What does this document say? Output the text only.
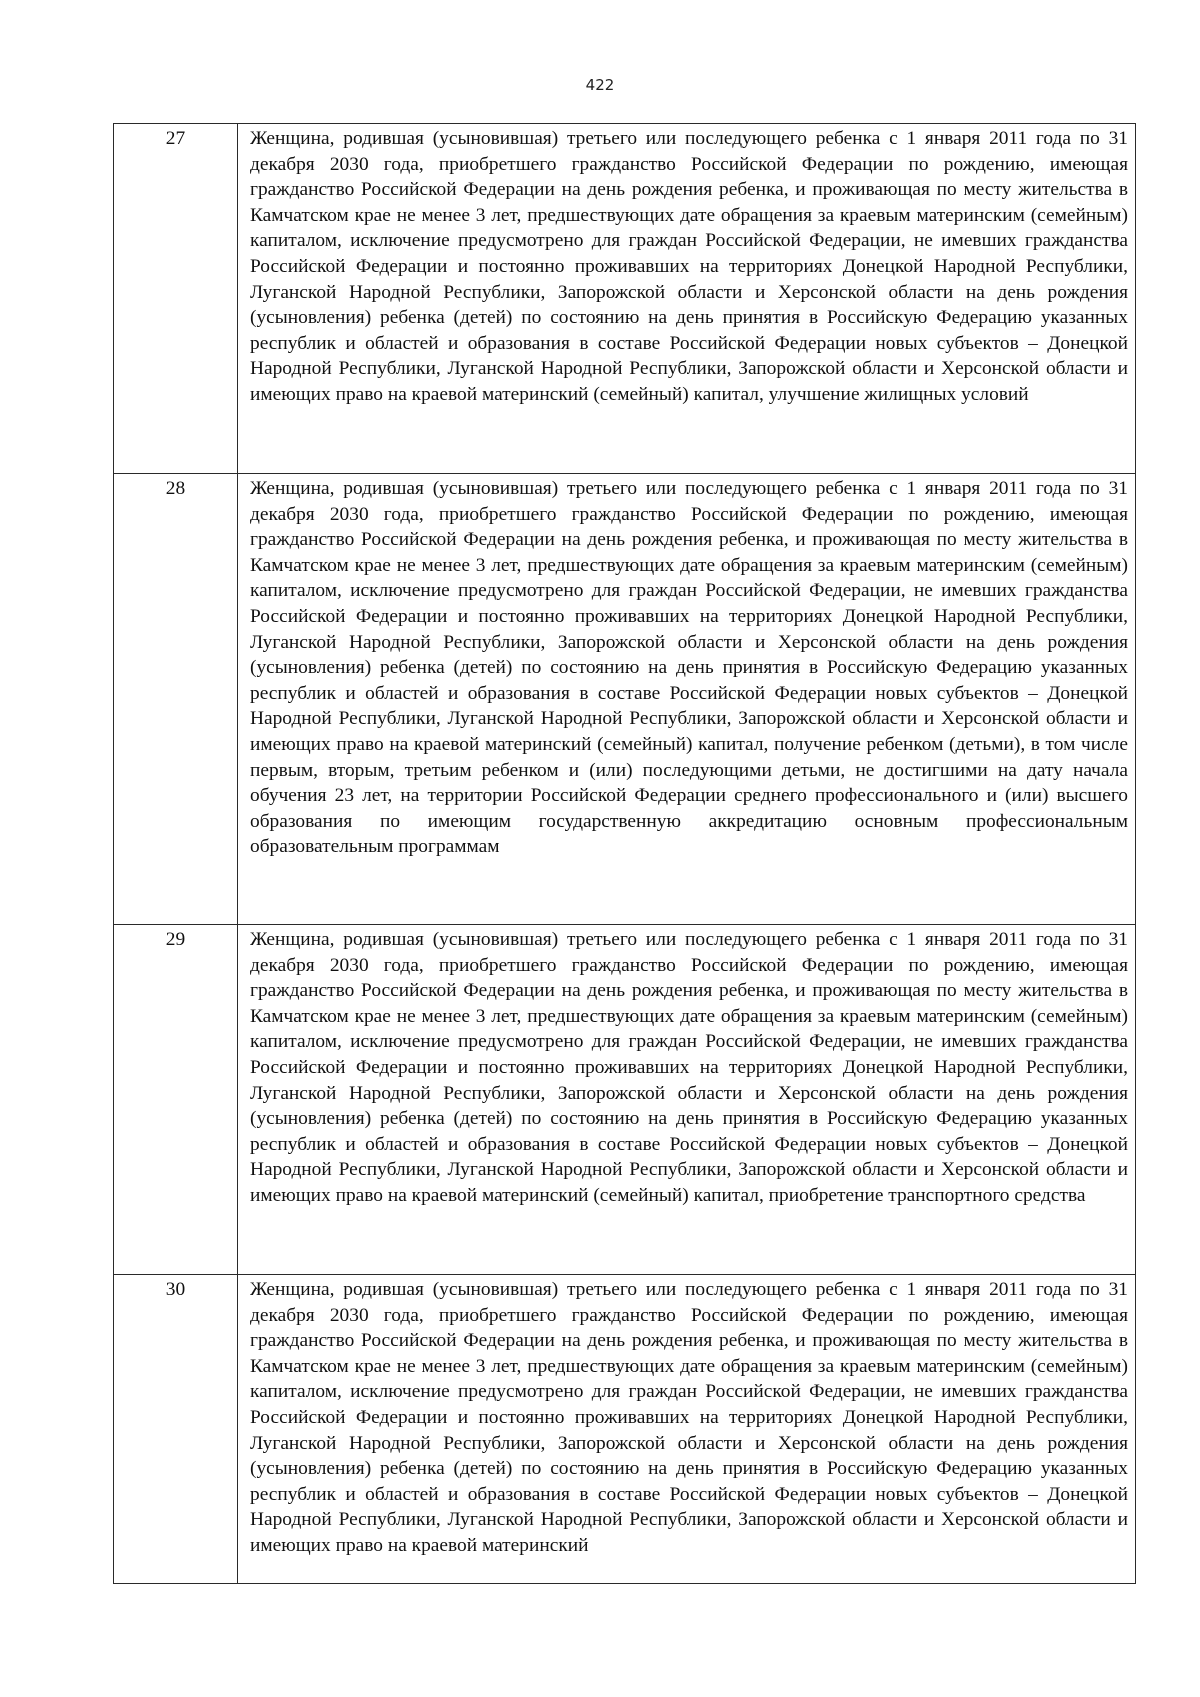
422
27	Женщина, родившая (усыновившая) третьего или последующего ребенка с 1 января 2011 года по 31 декабря 2030 года, приобретшего гражданство Российской Федерации по рождению, имеющая гражданство Российской Федерации на день рождения ребенка, и проживающая по месту жительства в Камчатском крае не менее 3 лет, предшествующих дате обращения за краевым материнским (семейным) капиталом, исключение предусмотрено для граждан Российской Федерации, не имевших гражданства Российской Федерации и постоянно проживавших на территориях Донецкой Народной Республики, Луганской Народной Республики, Запорожской области и Херсонской области на день рождения (усыновления) ребенка (детей) по состоянию на день принятия в Российскую Федерацию указанных республик и областей и образования в составе Российской Федерации новых субъектов – Донецкой Народной Республики, Луганской Народной Республики, Запорожской области и Херсонской области и имеющих право на краевой материнский (семейный) капитал, улучшение жилищных условий
28	Женщина, родившая (усыновившая) третьего или последующего ребенка с 1 января 2011 года по 31 декабря 2030 года, приобретшего гражданство Российской Федерации по рождению, имеющая гражданство Российской Федерации на день рождения ребенка, и проживающая по месту жительства в Камчатском крае не менее 3 лет, предшествующих дате обращения за краевым материнским (семейным) капиталом, исключение предусмотрено для граждан Российской Федерации, не имевших гражданства Российской Федерации и постоянно проживавших на территориях Донецкой Народной Республики, Луганской Народной Республики, Запорожской области и Херсонской области на день рождения (усыновления) ребенка (детей) по состоянию на день принятия в Российскую Федерацию указанных республик и областей и образования в составе Российской Федерации новых субъектов – Донецкой Народной Республики, Луганской Народной Республики, Запорожской области и Херсонской области и имеющих право на краевой материнский (семейный) капитал, получение ребенком (детьми), в том числе первым, вторым, третьим ребенком и (или) последующими детьми, не достигшими на дату начала обучения 23 лет, на территории Российской Федерации среднего профессионального и (или) высшего образования по имеющим государственную аккредитацию основным профессиональным образовательным программам
29	Женщина, родившая (усыновившая) третьего или последующего ребенка с 1 января 2011 года по 31 декабря 2030 года, приобретшего гражданство Российской Федерации по рождению, имеющая гражданство Российской Федерации на день рождения ребенка, и проживающая по месту жительства в Камчатском крае не менее 3 лет, предшествующих дате обращения за краевым материнским (семейным) капиталом, исключение предусмотрено для граждан Российской Федерации, не имевших гражданства Российской Федерации и постоянно проживавших на территориях Донецкой Народной Республики, Луганской Народной Республики, Запорожской области и Херсонской области на день рождения (усыновления) ребенка (детей) по состоянию на день принятия в Российскую Федерацию указанных республик и областей и образования в составе Российской Федерации новых субъектов – Донецкой Народной Республики, Луганской Народной Республики, Запорожской области и Херсонской области и имеющих право на краевой материнский (семейный) капитал, приобретение транспортного средства
30	Женщина, родившая (усыновившая) третьего или последующего ребенка с 1 января 2011 года по 31 декабря 2030 года, приобретшего гражданство Российской Федерации по рождению, имеющая гражданство Российской Федерации на день рождения ребенка, и проживающая по месту жительства в Камчатском крае не менее 3 лет, предшествующих дате обращения за краевым материнским (семейным) капиталом, исключение предусмотрено для граждан Российской Федерации, не имевших гражданства Российской Федерации и постоянно проживавших на территориях Донецкой Народной Республики, Луганской Народной Республики, Запорожской области и Херсонской области на день рождения (усыновления) ребенка (детей) по состоянию на день принятия в Российскую Федерацию указанных республик и областей и образования в составе Российской Федерации новых субъектов – Донецкой Народной Республики, Луганской Народной Республики, Запорожской области и Херсонской области и имеющих право на краевой материнский
